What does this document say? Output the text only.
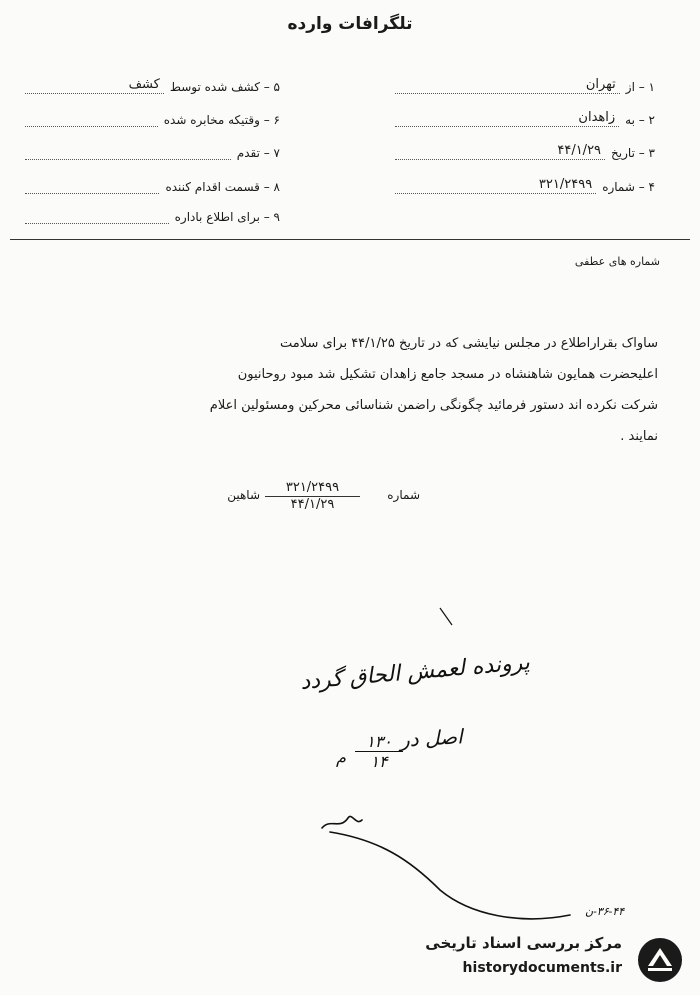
تلگرافات وارده
۱ – از
تهران
۲ – به
زاهدان
۳ – تاریخ
۴۴/۱/۲۹
۴ – شماره
۳۲۱/۲۴۹۹
۵ – کشف شده توسط
کشف
۶ – وقتیکه مخابره شده
۷ – تقدم
۸ – قسمت اقدام کننده
۹ – برای اطلاع باداره
شماره های عطفی
ساواک بقراراطلاع در مجلس نیایشی که در تاریخ ۴۴/۱/۲۵ برای سلامت
اعلیحضرت همایون شاهنشاه در مسجد جامع زاهدان تشکیل شد مبود روحانیون
شرکت نکرده اند دستور فرمائید چگونگی راضمن شناسائی محرکین ومسئولین اعلام
نمایند .
شماره
۳۲۱/۲۴۹۹
۴۴/۱/۲۹
شاهین
پرونده لعمش الحاق گردد
اصل در
۱۳۰
۱۴
م
۳۶-۴۴-ن
مرکز بررسی اسناد تاریخی
historydocuments.ir
